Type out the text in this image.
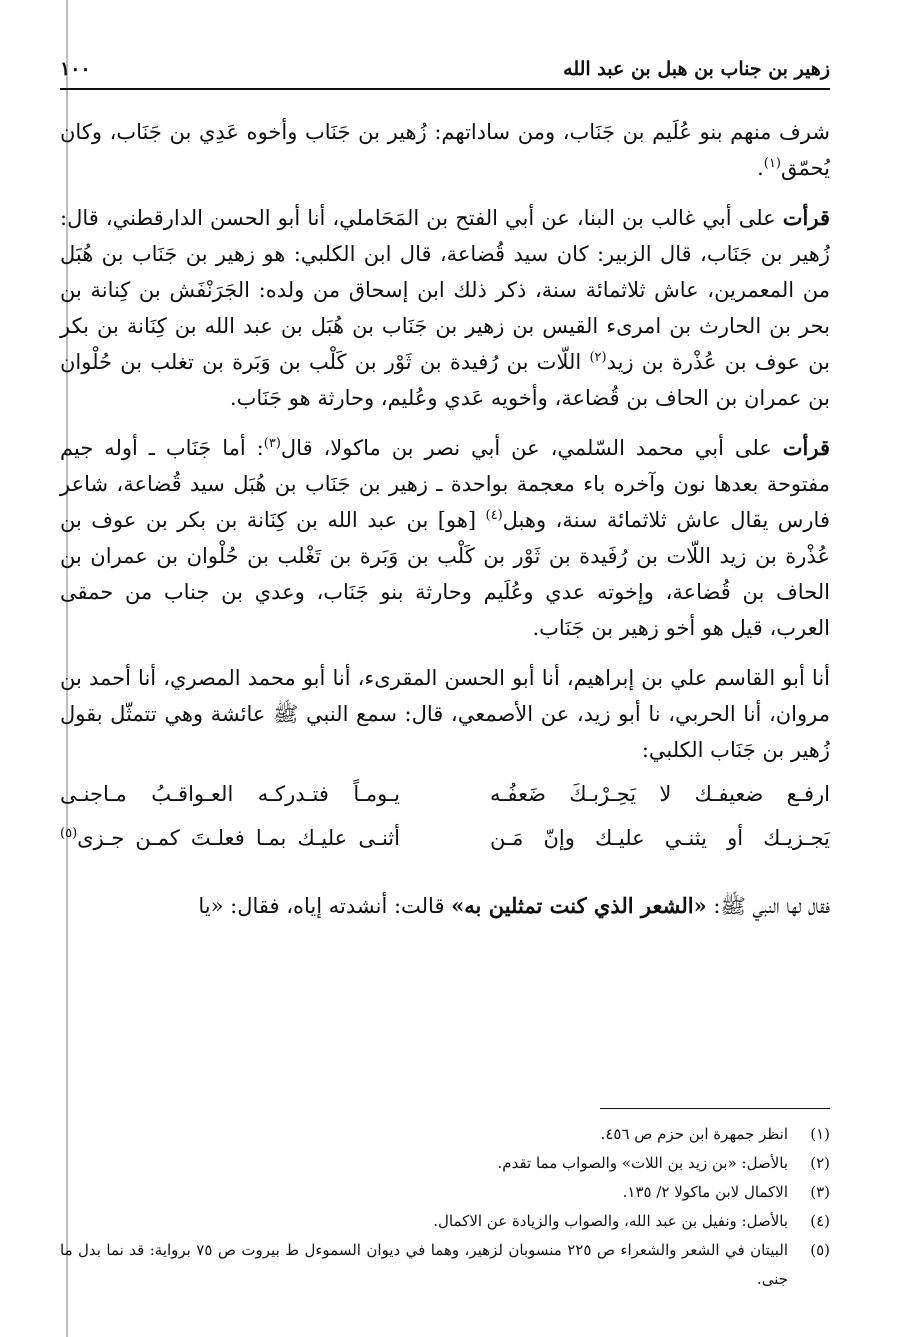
زهير بن جناب بن هبل بن عبد الله
١٠٠

شرف منهم بنو عُلَيم بن جَنَاب، ومن ساداتهم: زُهير بن جَنَاب وأخوه عَدِي بن جَنَاب، وكان يُحمّق$^{(١)}$.

قرأت على أبي غالب بن البنا، عن أبي الفتح بن المَحَاملي، أنا أبو الحسن الدارقطني، قال: زُهير بن جَنَاب، قال الزبير: كان سيد قُضاعة، قال ابن الكلبي: هو زهير بن جَنَاب بن هُبَل من المعمرين، عاش ثلاثمائة سنة، ذكر ذلك ابن إسحاق من ولده: الجَرَنْفَش بن كِنانة بن بحر بن الحارث بن امرىء القيس بن زهير بن جَنَاب بن هُبَل بن عبد الله بن كِنَانة بن بكر بن عوف بن عُذْرة بن زيد$^{(٢)}$ اللّات بن رُفيدة بن ثَوْر بن كَلْب بن وَبَرة بن تغلب بن حُلْوان بن عمران بن الحاف بن قُضاعة، وأخويه عَدي وعُليم، وحارثة هو جَنَاب.

قرأت على أبي محمد السّلمي، عن أبي نصر بن ماكولا، قال$^{(٣)}$: أما جَنَاب ـ أوله جيم مفتوحة بعدها نون وآخره باء معجمة بواحدة ـ زهير بن جَنَاب بن هُبَل سيد قُضاعة، شاعر فارس يقال عاش ثلاثمائة سنة، وهبل$^{(٤)}$ [هو] بن عبد الله بن كِنَانة بن بكر بن عوف بن عُذْرة بن زيد اللّات بن رُفَيدة بن ثَوْر بن كَلْب بن وَبَرة بن تَغْلب بن حُلْوان بن عمران بن الحاف بن قُضاعة، وإخوته عدي وعُلَيم وحارثة بنو جَنَاب، وعدي بن جناب من حمقى العرب، قيل هو أخو زهير بن جَنَاب.

أنا أبو القاسم علي بن إبراهيم، أنا أبو الحسن المقرىء، أنا أبو محمد المصري، أنا أحمد بن مروان، أنا الحربي، نا أبو زيد، عن الأصمعي، قال: سمع النبي ﷺ عائشة وهي تتمثّل بقول زُهير بن جَنَاب الكلبي:

ارفـع ضعيفـك لا يَحِـرْبـكَ ضَعفُـه
يـومـاً فتـدركـه العـواقـبُ مـاجنـى
يَجـزيـك أو يثنـي عليـك وإنّ مَـن
أثنـى عليـك بمـا فعلـتَ كمـن جـزى$^{(٥)}$

فقال لها النبي ﷺ: «الشعر الذي كنت تمثلين به» قالت: أنشدته إياه، فقال: «يا

(١)
انظر جمهرة ابن حزم ص ٤٥٦.
(٢)
بالأصل: «بن زيد بن اللات» والصواب مما تقدم.
(٣)
الاكمال لابن ماكولا ٢/ ١٣٥.
(٤)
بالأصل: ونفيل بن عبد الله، والصواب والزيادة عن الاكمال.
(٥)
البيتان في الشعر والشعراء ص ٢٢٥ منسوبان لزهير، وهما في ديوان السموءل ط بيروت ص ٧٥ برواية: قد نما بدل ما جنى.
